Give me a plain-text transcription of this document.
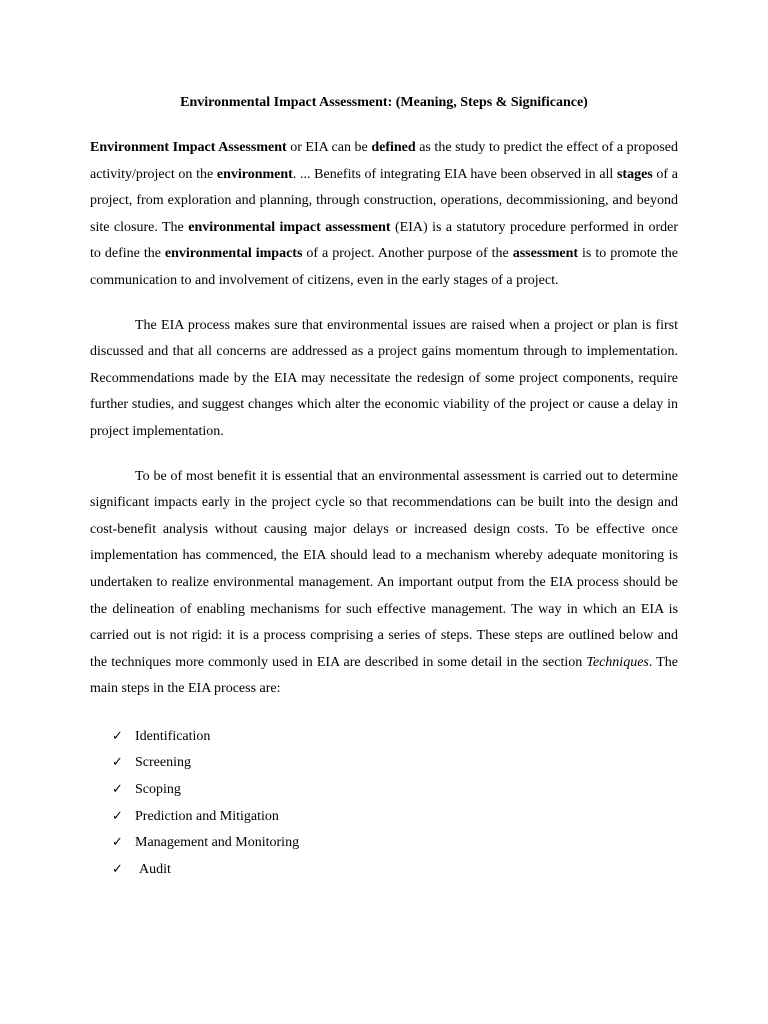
Environmental Impact Assessment: (Meaning, Steps & Significance)

Environment Impact Assessment or EIA can be defined as the study to predict the effect of a proposed activity/project on the environment. ... Benefits of integrating EIA have been observed in all stages of a project, from exploration and planning, through construction, operations, decommissioning, and beyond site closure. The environmental impact assessment (EIA) is a statutory procedure performed in order to define the environmental impacts of a project. Another purpose of the assessment is to promote the communication to and involvement of citizens, even in the early stages of a project.

The EIA process makes sure that environmental issues are raised when a project or plan is first discussed and that all concerns are addressed as a project gains momentum through to implementation. Recommendations made by the EIA may necessitate the redesign of some project components, require further studies, and suggest changes which alter the economic viability of the project or cause a delay in project implementation.

To be of most benefit it is essential that an environmental assessment is carried out to determine significant impacts early in the project cycle so that recommendations can be built into the design and cost-benefit analysis without causing major delays or increased design costs. To be effective once implementation has commenced, the EIA should lead to a mechanism whereby adequate monitoring is undertaken to realize environmental management. An important output from the EIA process should be the delineation of enabling mechanisms for such effective management. The way in which an EIA is carried out is not rigid: it is a process comprising a series of steps. These steps are outlined below and the techniques more commonly used in EIA are described in some detail in the section Techniques. The main steps in the EIA process are:

✓ Identification
✓ Screening
✓ Scoping
✓ Prediction and Mitigation
✓ Management and Monitoring
✓ Audit
